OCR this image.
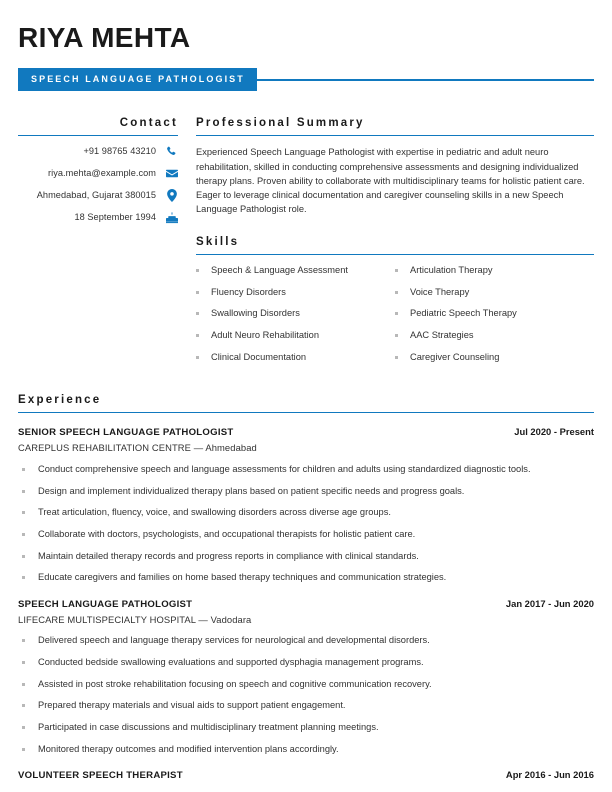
RIYA MEHTA
SPEECH LANGUAGE PATHOLOGIST
Contact
+91 98765 43210
riya.mehta@example.com
Ahmedabad, Gujarat 380015
18 September 1994
Professional Summary
Experienced Speech Language Pathologist with expertise in pediatric and adult neuro rehabilitation, skilled in conducting comprehensive assessments and designing individualized therapy plans. Proven ability to collaborate with multidisciplinary teams for holistic patient care. Eager to leverage clinical documentation and caregiver counseling skills in a new Speech Language Pathologist role.
Skills
Speech & Language Assessment
Fluency Disorders
Swallowing Disorders
Adult Neuro Rehabilitation
Clinical Documentation
Articulation Therapy
Voice Therapy
Pediatric Speech Therapy
AAC Strategies
Caregiver Counseling
Experience
SENIOR SPEECH LANGUAGE PATHOLOGIST	Jul 2020 - Present
CAREPLUS REHABILITATION CENTRE — Ahmedabad
Conduct comprehensive speech and language assessments for children and adults using standardized diagnostic tools.
Design and implement individualized therapy plans based on patient specific needs and progress goals.
Treat articulation, fluency, voice, and swallowing disorders across diverse age groups.
Collaborate with doctors, psychologists, and occupational therapists for holistic patient care.
Maintain detailed therapy records and progress reports in compliance with clinical standards.
Educate caregivers and families on home based therapy techniques and communication strategies.
SPEECH LANGUAGE PATHOLOGIST	Jan 2017 - Jun 2020
LIFECARE MULTISPECIALTY HOSPITAL — Vadodara
Delivered speech and language therapy services for neurological and developmental disorders.
Conducted bedside swallowing evaluations and supported dysphagia management programs.
Assisted in post stroke rehabilitation focusing on speech and cognitive communication recovery.
Prepared therapy materials and visual aids to support patient engagement.
Participated in case discussions and multidisciplinary treatment planning meetings.
Monitored therapy outcomes and modified intervention plans accordingly.
VOLUNTEER SPEECH THERAPIST	Apr 2016 - Jun 2016
